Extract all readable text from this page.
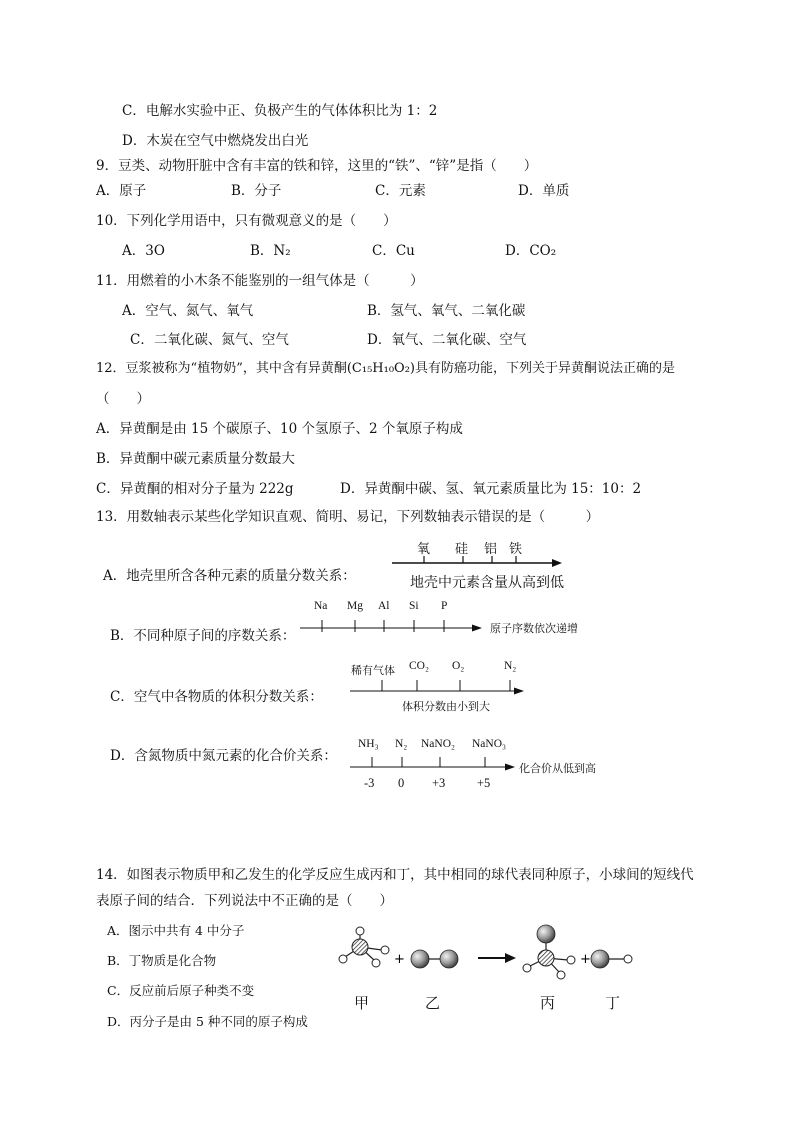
C．电解水实验中正、负极产生的气体体积比为 1：2
D．木炭在空气中燃烧发出白光
9．豆类、动物肝脏中含有丰富的铁和锌，这里的“铁”、“锌”是指（　　）
A．原子	B．分子	C．元素	D．单质
10．下列化学用语中，只有微观意义的是（　　）
A．3O	B．N₂	C．Cu	D．CO₂
11．用燃着的小木条不能鉴别的一组气体是（　　　）
A．空气、氮气、氧气	B．氢气、氧气、二氧化碳
C．二氧化碳、氮气、空气	D．氧气、二氧化碳、空气
12．豆浆被称为“植物奶”，其中含有异黄酮(C₁₅H₁₀O₂)具有防癌功能，下列关于异黄酮说法正确的是
（　　）
A．异黄酮是由 15 个碳原子、10 个氢原子、2 个氧原子构成
B．异黄酮中碳元素质量分数最大
C．异黄酮的相对分子量为 222g	D．异黄酮中碳、氢、氧元素质量比为 15：10：2
13．用数轴表示某些化学知识直观、简明、易记，下列数轴表示错误的是（　　　）
A．地壳里所含各种元素的质量分数关系：
氧 硅 铝 铁
地壳中元素含量从高到低
B．不同种原子间的序数关系：
Na Mg Al Si P
原子序数依次递增
C．空气中各物质的体积分数关系：
稀有气体 CO₂ O₂	N₂
体积分数由小到大
D．含氮物质中氮元素的化合价关系：
NH₃ N₂ NaNO₂ NaNO₃
-3 0 +3	+5
化合价从低到高
14．如图表示物质甲和乙发生的化学反应生成丙和丁，其中相同的球代表同种原子，小球间的短线代
表原子间的结合．下列说法中不正确的是（　　）
A．图示中共有 4 中分子
B．丁物质是化合物
C．反应前后原子种类不变
D．丙分子是由 5 种不同的原子构成
+	+
甲	乙	丙	丁
